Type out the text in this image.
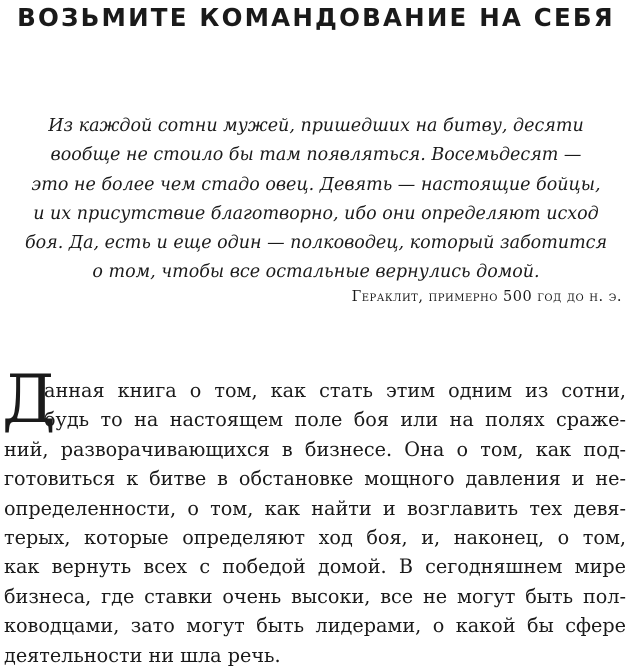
ВОЗЬМИТЕ КОМАНДОВАНИЕ НА СЕБЯ
Из каждой сотни мужей, пришедших на битву, десяти
вообще не стоило бы там появляться. Восемьдесят —
это не более чем стадо овец. Девять — настоящие бойцы,
и их присутствие благотворно, ибо они определяют исход
боя. Да, есть и еще один — полководец, который заботится
о том, чтобы все остальные вернулись домой.

Гераклит, примерно 500 год до н. э.

Д
анная книга о том, как стать этим одним из сотни,
будь то на настоящем поле боя или на полях сраже-
ний, разворачивающихся в бизнесе. Она о том, как под-
готовиться к битве в обстановке мощного давления и не-
определенности, о том, как найти и возглавить тех девя-
терых, которые определяют ход боя, и, наконец, о том,
как вернуть всех с победой домой. В сегодняшнем мире
бизнеса, где ставки очень высоки, все не могут быть пол-
ководцами, зато могут быть лидерами, о какой бы сфере
деятельности ни шла речь.
